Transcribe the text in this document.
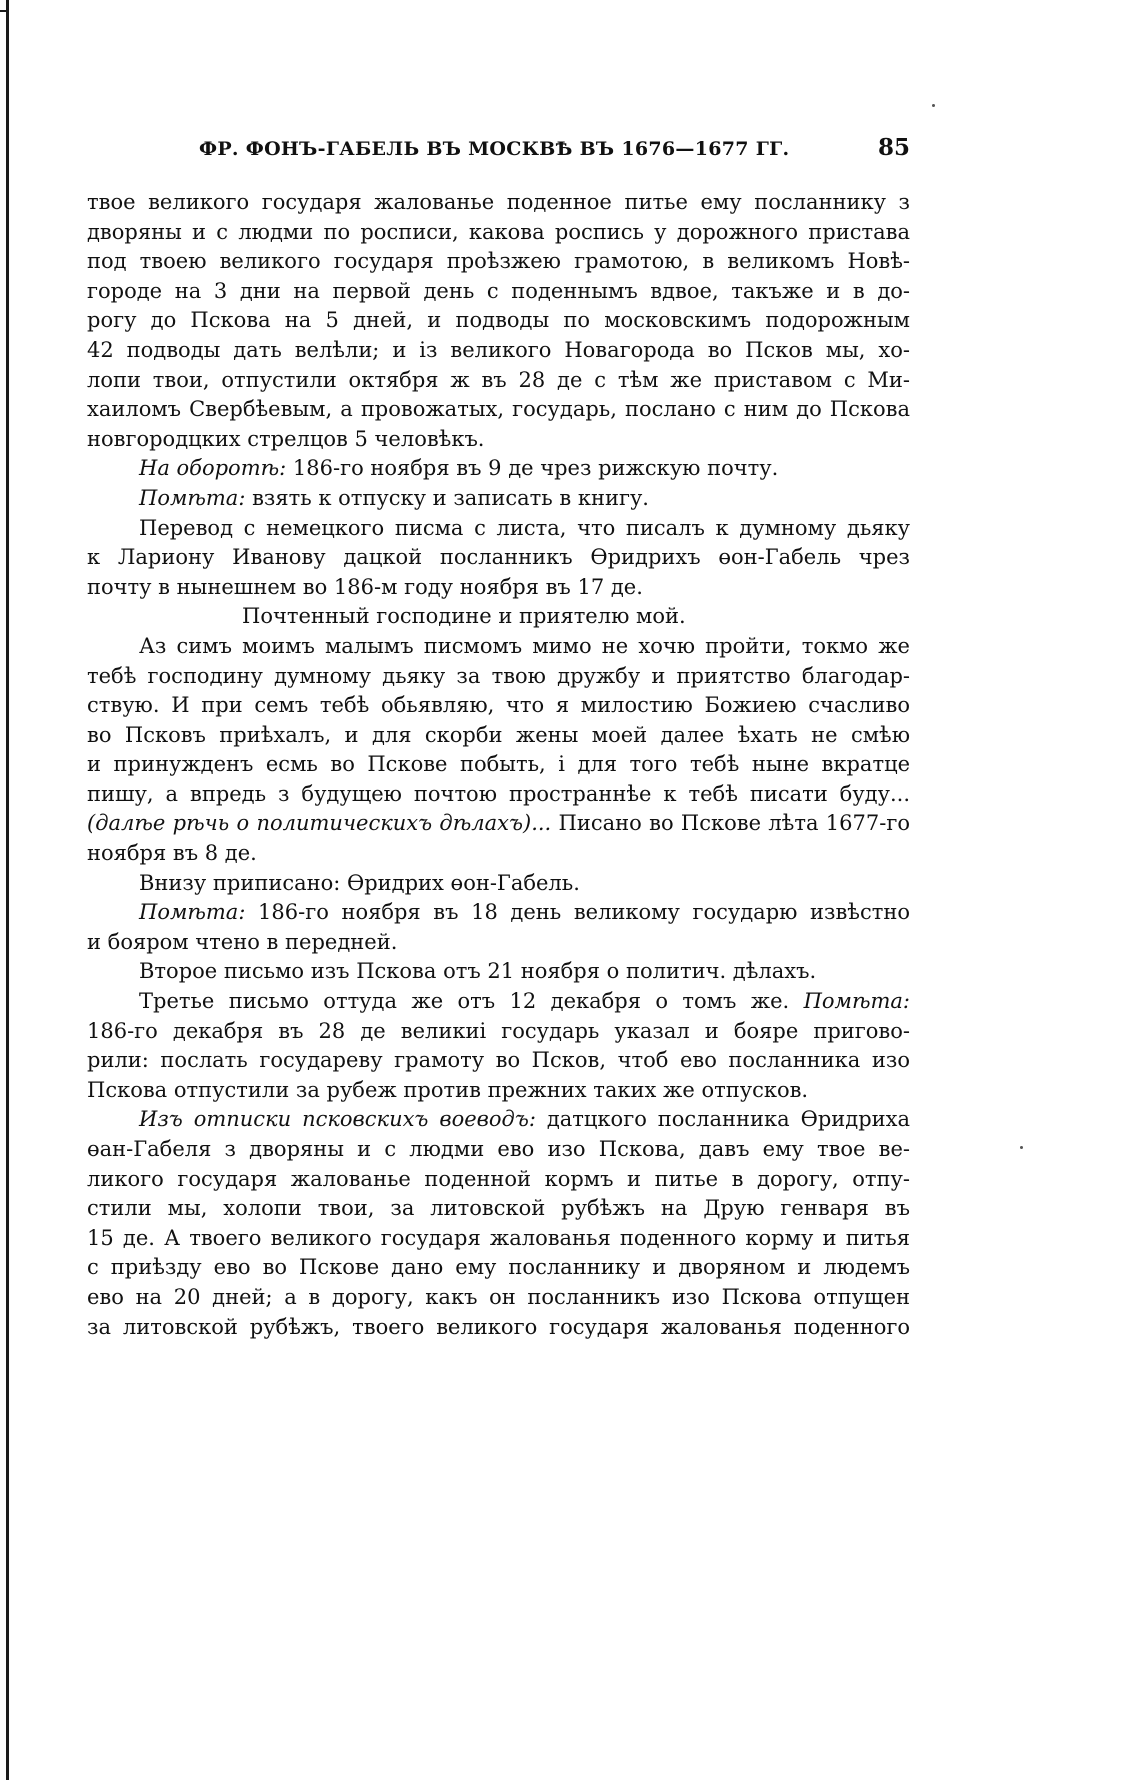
ФР. ФОНЪ-ГАБЕЛЬ ВЪ МОСКВѢ ВЪ 1676—1677 ГГ.	85
твое великого государя жалованье поденное питье ему посланнику з
дворяны и с людми по росписи, какова роспись у дорожного пристава
под твоею великого государя проѣзжею грамотою, в великомъ Новѣ-
городе на 3 дни на первой день с поденнымъ вдвое, такъже и в до-
рогу до Пскова на 5 дней, и подводы по московскимъ подорожным
42 подводы дать велѣли; и із великого Новагорода во Псков мы, хо-
лопи твои, отпустили октября ж въ 28 де с тѣм же приставом с Ми-
хаиломъ Свербѣевым, а провожатых, государь, послано с ним до Пскова
новгородцких стрелцов 5 человѣкъ.
На оборотѣ: 186-го ноября въ 9 де чрез рижскую почту.
Помѣта: взять к отпуску и записать в книгу.
Перевод с немецкого писма с листа, что писалъ к думному дьяку
к Лариону Иванову дацкой посланникъ Өридрихъ өон-Габель чрез
почту в нынешнем во 186-м году ноября въ 17 де.
Почтенный господине и приятелю мой.
Аз симъ моимъ малымъ писмомъ мимо не хочю пройти, токмо же
тебѣ господину думному дьяку за твою дружбу и приятство благодар-
ствую. И при семъ тебѣ обьявляю, что я милостию Божиею счасливо
во Псковъ приѣхалъ, и для скорби жены моей далее ѣхать не смѣю
и принужденъ есмь во Пскове побыть, і для того тебѣ ныне вкратце
пишу, а впредь з будущею почтою пространнѣе к тебѣ писати буду...
(далѣе рѣчь о политическихъ дѣлахъ)... Писано во Пскове лѣта 1677-го
ноября въ 8 де.
Внизу приписано: Өридрих өон-Габель.
Помѣта: 186-го ноября въ 18 день великому государю извѣстно
и бояром чтено в передней.
Второе письмо изъ Пскова отъ 21 ноября о политич. дѣлахъ.
Третье письмо оттуда же отъ 12 декабря о томъ же. Помѣта:
186-го декабря въ 28 де великиі государь указал и бояре пригово-
рили: послать государеву грамоту во Псков, чтоб ево посланника изо
Пскова отпустили за рубеж против прежних таких же отпусков.
Изъ отписки псковскихъ воеводъ: датцкого посланника Өридриха
өан-Габеля з дворяны и с людми ево изо Пскова, давъ ему твое ве-
ликого государя жалованье поденной кормъ и питье в дорогу, отпу-
стили мы, холопи твои, за литовской рубѣжъ на Друю генваря въ
15 де. А твоего великого государя жалованья поденного корму и питья
с приѣзду ево во Пскове дано ему посланнику и дворяном и людемъ
ево на 20 дней; а в дорогу, какъ он посланникъ изо Пскова отпущен
за литовской рубѣжъ, твоего великого государя жалованья поденного
